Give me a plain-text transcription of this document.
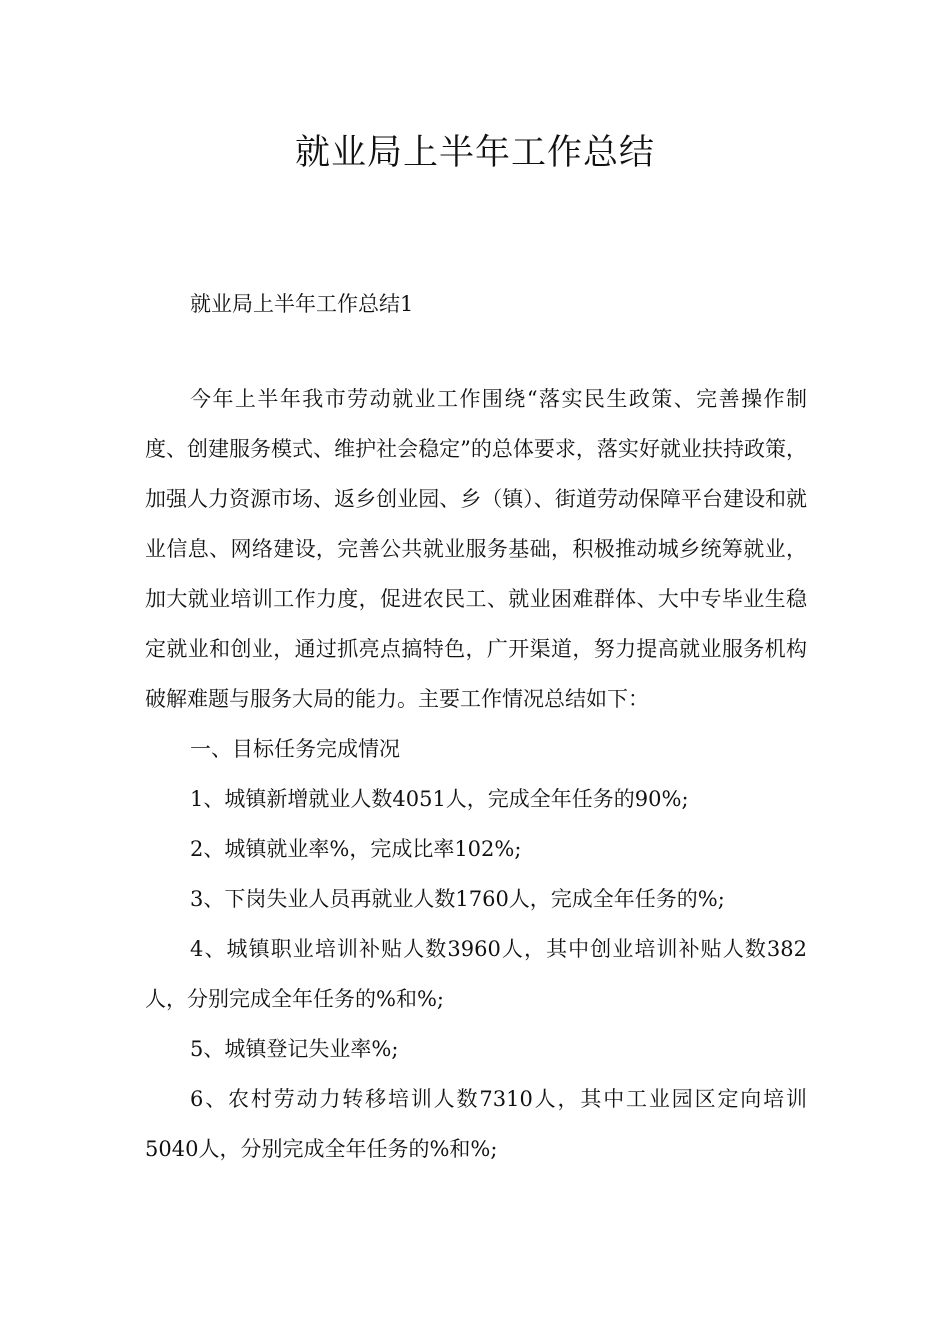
就业局上半年工作总结
就业局上半年工作总结1

今年上半年我市劳动就业工作围绕“落实民生政策、完善操作制度、创建服务模式、维护社会稳定”的总体要求，落实好就业扶持政策，加强人力资源市场、返乡创业园、乡（镇）、街道劳动保障平台建设和就业信息、网络建设，完善公共就业服务基础，积极推动城乡统筹就业，加大就业培训工作力度，促进农民工、就业困难群体、大中专毕业生稳定就业和创业，通过抓亮点搞特色，广开渠道，努力提高就业服务机构破解难题与服务大局的能力。主要工作情况总结如下：

一、目标任务完成情况

1、城镇新增就业人数4051人，完成全年任务的90%;

2、城镇就业率%，完成比率102%;

3、下岗失业人员再就业人数1760人，完成全年任务的%;

4、城镇职业培训补贴人数3960人，其中创业培训补贴人数382人，分别完成全年任务的%和%;

5、城镇登记失业率%;

6、农村劳动力转移培训人数7310人，其中工业园区定向培训5040人，分别完成全年任务的%和%;
